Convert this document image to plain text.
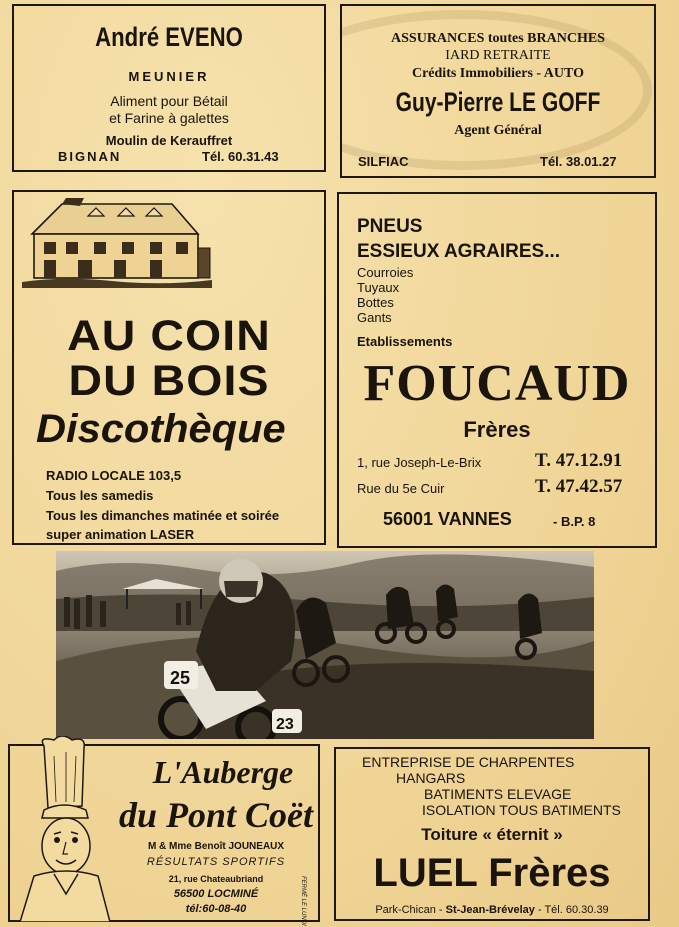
André EVENO

MEUNIER

Aliment pour Bétail

et Farine à galettes

Moulin de Kerauffret

BIGNAN	Tél. 60.31.43

ASSURANCES toutes BRANCHES

IARD RETRAITE

Crédits Immobiliers - AUTO

Guy-Pierre LE GOFF

Agent Général

SILFIAC	Tél. 38.01.27

AU COIN

DU BOIS

Discothèque

RADIO LOCALE 103,5

Tous les samedis

Tous les dimanches matinée et soirée

super animation LASER

PNEUS

ESSIEUX AGRAIRES...

Courroies

Tuyaux

Bottes

Gants

Etablissements

FOUCAUD

Frères

1, rue Joseph-Le-Brix	T. 47.12.91

Rue du 5e Cuir	T. 47.42.57

56001 VANNES	- B.P. 8

25
23

L'Auberge

du Pont Coët

M & Mme Benoît JOUNEAUX

RÉSULTATS SPORTIFS

21, rue Chateaubriand

56500 LOCMINÉ

tél:60-08-40	FERMÉ LE LUNDI

ENTREPRISE DE CHARPENTES

HANGARS

BATIMENTS ELEVAGE

ISOLATION TOUS BATIMENTS

Toiture « éternit »

LUEL Frères

Park-Chican - St-Jean-Brévelay - Tél. 60.30.39
